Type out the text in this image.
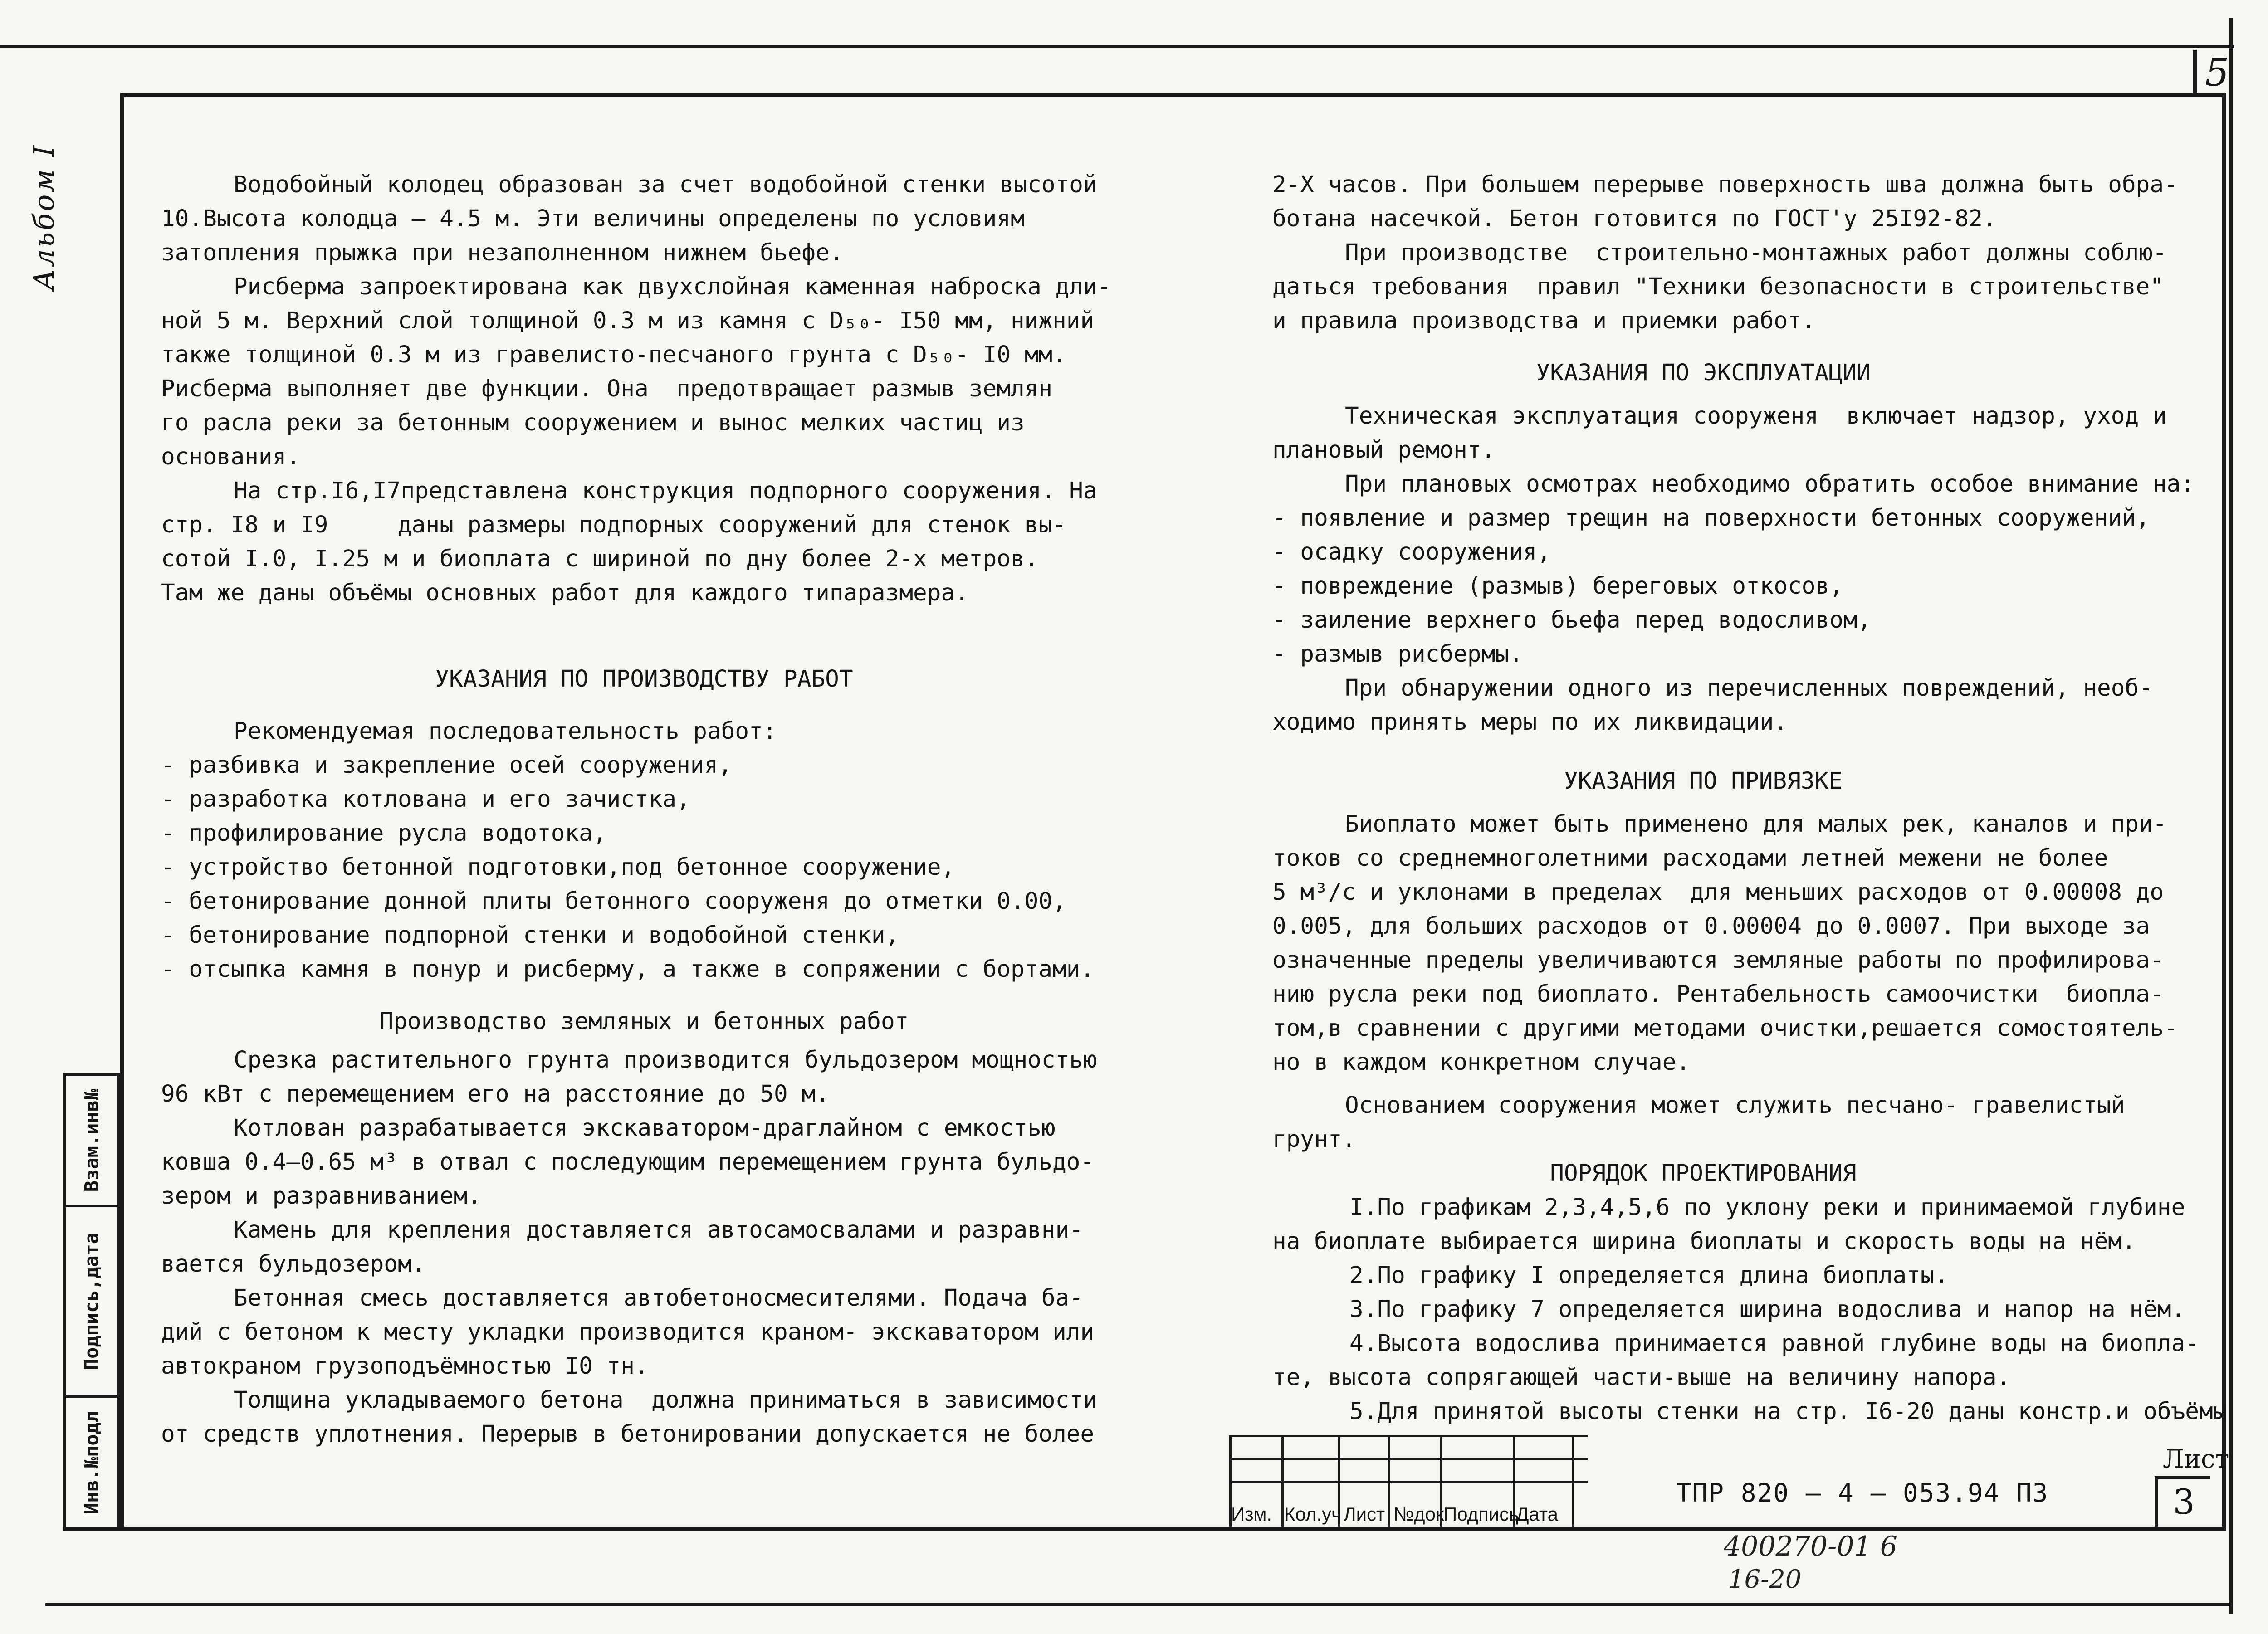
5
Альбом I
Взам.инв№
Подпись,дата
Инв.№подл

Водобойный колодец образован за счет водобойной стенки высотой

10.Высота колодца – 4.5 м. Эти величины определены по условиям

затопления прыжка при незаполненном нижнем бьефе.

Рисберма запроектирована как двухслойная каменная наброска дли-

ной 5 м. Верхний слой толщиной 0.3 м из камня с D₅₀- I50 мм, нижний

также толщиной 0.3 м из гравелисто-песчаного грунта с D₅₀- I0 мм.

Рисберма выполняет две функции. Она  предотвращает размыв землян

го расла реки за бетонным сооружением и вынос мелких частиц из

основания.

На стр.I6,I7представлена конструкция подпорного сооружения. На

стр. I8 и I9     даны размеры подпорных сооружений для стенок вы-

сотой I.0, I.25 м и биоплата с шириной по дну более 2-х метров.

Там же даны объёмы основных работ для каждого типаразмера.

УКАЗАНИЯ ПО ПРОИЗВОДСТВУ РАБОТ

Рекомендуемая последовательность работ:

- разбивка и закрепление осей сооружения,

- разработка котлована и его зачистка,

- профилирование русла водотока,

- устройство бетонной подготовки,под бетонное сооружение,

- бетонирование донной плиты бетонного сооруженя до отметки 0.00,

- бетонирование подпорной стенки и водобойной стенки,

- отсыпка камня в понур и рисберму, а также в сопряжении с бортами.

Производство земляных и бетонных работ

Срезка растительного грунта производится бульдозером мощностью

96 кВт с перемещением его на расстояние до 50 м.

Котлован разрабатывается экскаватором-драглайном с емкостью

ковша 0.4–0.65 м³ в отвал с последующим перемещением грунта бульдо-

зером и разравниванием.

Камень для крепления доставляется автосамосвалами и разравни-

вается бульдозером.

Бетонная смесь доставляется автобетоносмесителями. Подача ба-

дий с бетоном к месту укладки производится краном- экскаватором или

автокраном грузоподъёмностью I0 тн.

Толщина укладываемого бетона  должна приниматься в зависимости

от средств уплотнения. Перерыв в бетонировании допускается не более

2-Х часов. При большем перерыве поверхность шва должна быть обра-

ботана насечкой. Бетон готовится по ГОСТ'у 25I92-82.

При производстве  строительно-монтажных работ должны соблю-

даться требования  правил "Техники безопасности в строительстве"

и правила производства и приемки работ.

УКАЗАНИЯ ПО ЭКСПЛУАТАЦИИ

Техническая эксплуатация сооруженя  включает надзор, уход и

плановый ремонт.

При плановых осмотрах необходимо обратить особое внимание на:

- появление и размер трещин на поверхности бетонных сооружений,

- осадку сооружения,

- повреждение (размыв) береговых откосов,

- заиление верхнего бьефа перед водосливом,

- размыв рисбермы.

При обнаружении одного из перечисленных повреждений, необ-

ходимо принять меры по их ликвидации.

УКАЗАНИЯ ПО ПРИВЯЗКЕ

Биоплато может быть применено для малых рек, каналов и при-

токов со среднемноголетними расходами летней межени не более

5 м³/с и уклонами в пределах  для меньших расходов от 0.00008 до

0.005, для больших расходов от 0.00004 до 0.0007. При выходе за

означенные пределы увеличиваются земляные работы по профилирова-

нию русла реки под биоплато. Рентабельность самоочистки  биопла-

том,в сравнении с другими методами очистки,решается сомостоятель-

но в каждом конкретном случае.

Основанием сооружения может служить песчано- гравелистый

грунт.

ПОРЯДОК ПРОЕКТИРОВАНИЯ

I.По графикам 2,3,4,5,6 по уклону реки и принимаемой глубине

на биоплате выбирается ширина биоплаты и скорость воды на нём.

2.По графику I определяется длина биоплаты.

3.По графику 7 определяется ширина водослива и напор на нём.

4.Высота водослива принимается равной глубине воды на биопла-

те, высота сопрягающей части-выше на величину напора.

5.Для принятой высоты стенки на стр. I6-20 даны констр.и объёмы

Изм. Кол.уч Лист №док
Подпись
Дата
ТПР 820 – 4 – 053.94 ПЗ
Лист
3
400270-01 6
16-20
